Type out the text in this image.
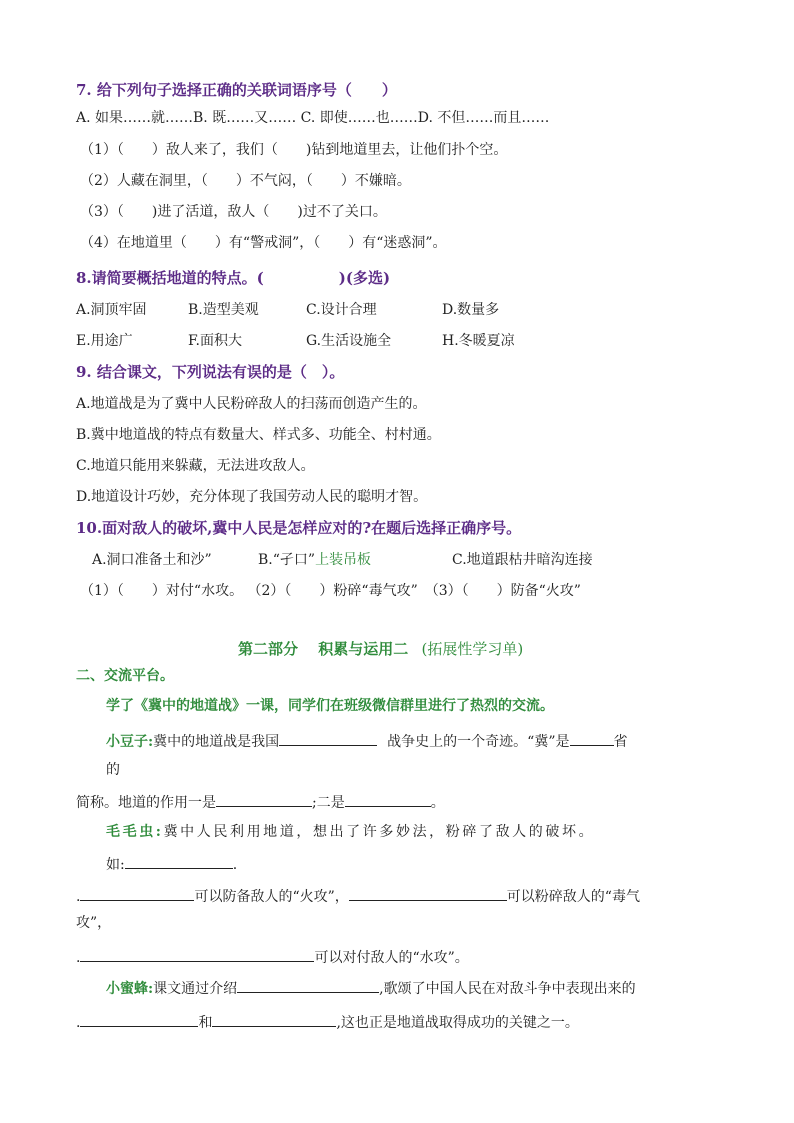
7. 给下列句子选择正确的关联词语序号（　　）
A. 如果……就……B. 既……又…… C. 即使……也……D. 不但……而且……
（1）（　　）敌人来了，我们（　　)钻到地道里去，让他们扑个空。
（2）人藏在洞里，（　　）不气闷，（　　）不嫌暗。
（3）（　　)进了活道，敌人（　　)过不了关口。
（4）在地道里（　　）有“警戒洞”，（　　）有“迷惑洞”。
8.请简要概括地道的特点。(　　　　　)(多选)
A.洞顶牢固	B.造型美观	C.设计合理	D.数量多
E.用途广	F.面积大	G.生活设施全	H.冬暖夏凉
9. 结合课文，下列说法有误的是（　）。
A.地道战是为了冀中人民粉碎敌人的扫荡而创造产生的。
B.冀中地道战的特点有数量大、样式多、功能全、村村通。
C.地道只能用来躲藏，无法进攻敌人。
D.地道设计巧妙，充分体现了我国劳动人民的聪明才智。
10.面对敌人的破坏,冀中人民是怎样应对的?在题后选择正确序号。
A.洞口准备土和沙”	B.“孑口”上装吊板	C.地道跟枯井暗沟连接
（1）（　　）对付“水攻。 （2）（　　）粉碎“毒气攻”　（3）（　　）防备“火攻”
第二部分　 积累与运用二 (拓展性学习单)
二、交流平台。
学了《冀中的地道战》一课，同学们在班级微信群里进行了热烈的交流。
小豆子:冀中的地道战是我国	战争史上的一个奇迹。“冀”是	省
的
简称。地道的作用一是	;二是	。
毛毛虫:冀中人民利用地道，想出了许多妙法，粉碎了敌人的破坏。
如:	.
.	可以防备敌人的“火攻”，	可以粉碎敌人的“毒气
攻”，
.	可以对付敌人的“水攻”。
小蜜蜂:课文通过介绍	,歌颂了中国人民在对敌斗争中表现出来的
.	和	,这也正是地道战取得成功的关键之一。
